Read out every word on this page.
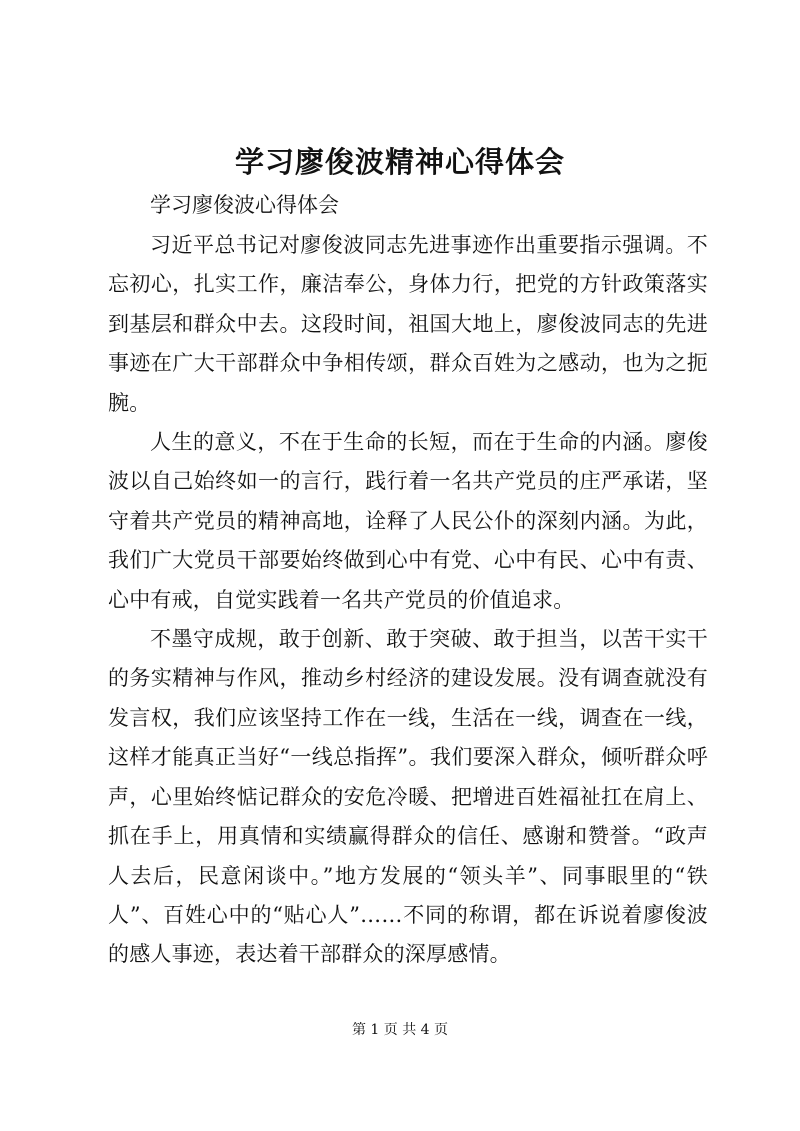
学习廖俊波精神心得体会

学习廖俊波心得体会

习近平总书记对廖俊波同志先进事迹作出重要指示强调。不忘初心，扎实工作，廉洁奉公，身体力行，把党的方针政策落实到基层和群众中去。这段时间，祖国大地上，廖俊波同志的先进事迹在广大干部群众中争相传颂，群众百姓为之感动，也为之扼腕。

人生的意义，不在于生命的长短，而在于生命的内涵。廖俊波以自己始终如一的言行，践行着一名共产党员的庄严承诺，坚守着共产党员的精神高地，诠释了人民公仆的深刻内涵。为此，我们广大党员干部要始终做到心中有党、心中有民、心中有责、心中有戒，自觉实践着一名共产党员的价值追求。

不墨守成规，敢于创新、敢于突破、敢于担当，以苦干实干的务实精神与作风，推动乡村经济的建设发展。没有调查就没有发言权，我们应该坚持工作在一线，生活在一线，调查在一线，这样才能真正当好“一线总指挥”。我们要深入群众，倾听群众呼声，心里始终惦记群众的安危冷暖、把增进百姓福祉扛在肩上、抓在手上，用真情和实绩赢得群众的信任、感谢和赞誉。“政声人去后，民意闲谈中。”地方发展的“领头羊”、同事眼里的“铁人”、百姓心中的“贴心人”……不同的称谓，都在诉说着廖俊波的感人事迹，表达着干部群众的深厚感情。

第 1 页 共 4 页
